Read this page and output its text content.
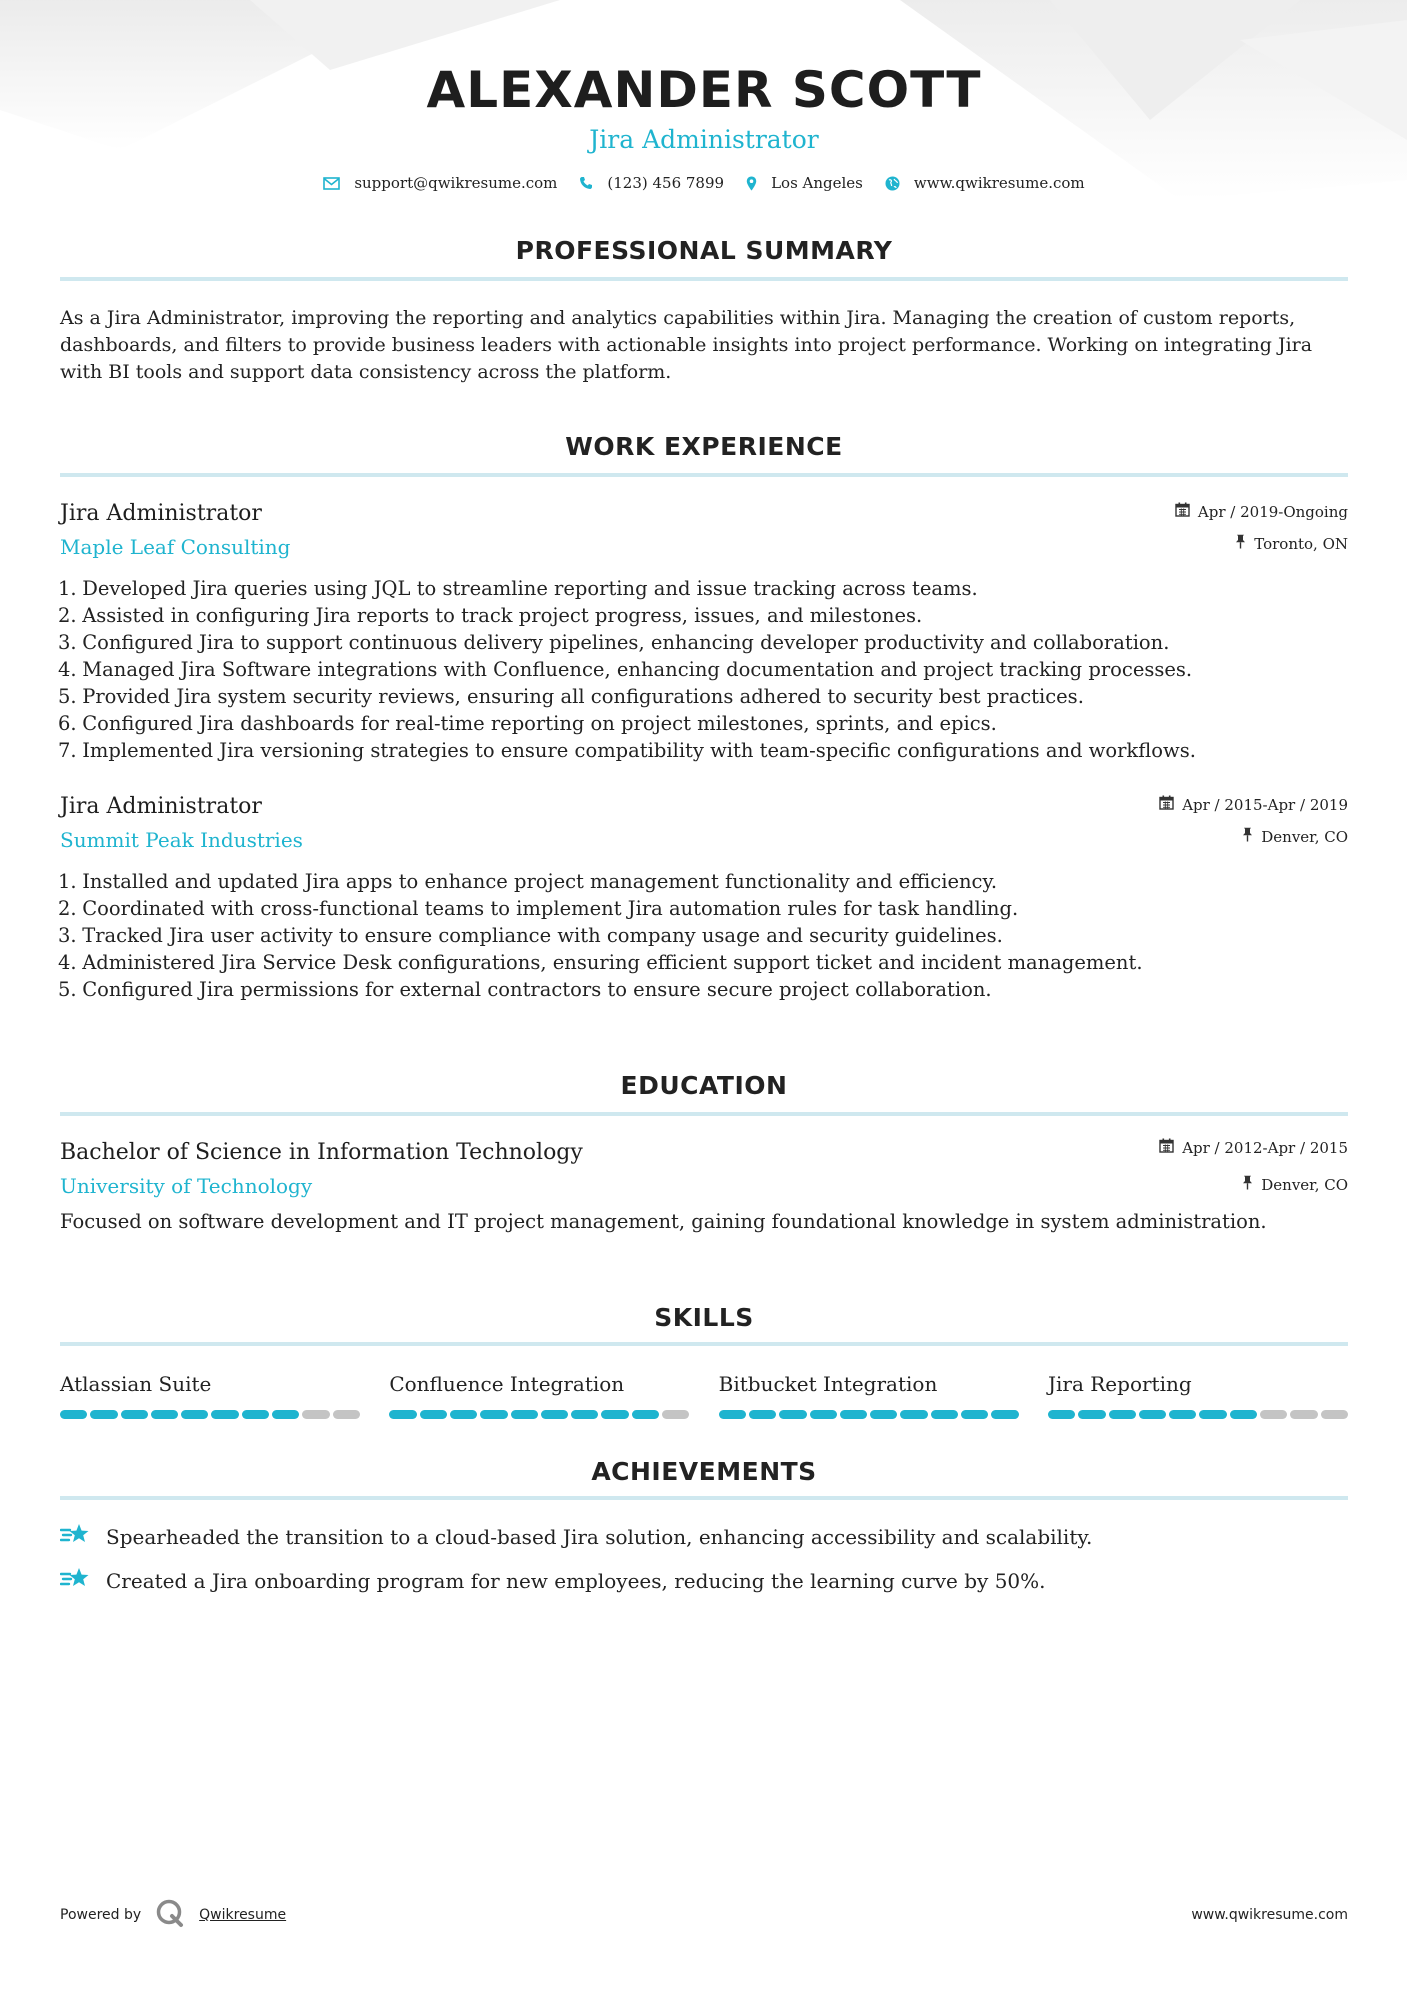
ALEXANDER SCOTT
Jira Administrator
support@qwikresume.com	(123) 456 7899	Los Angeles	www.qwikresume.com
PROFESSIONAL SUMMARY
As a Jira Administrator, improving the reporting and analytics capabilities within Jira. Managing the creation of custom reports,
dashboards, and filters to provide business leaders with actionable insights into project performance. Working on integrating Jira
with BI tools and support data consistency across the platform.
WORK EXPERIENCE
Jira Administrator
Maple Leaf Consulting
Apr / 2019-Ongoing
Toronto, ON
1. Developed Jira queries using JQL to streamline reporting and issue tracking across teams.
2. Assisted in configuring Jira reports to track project progress, issues, and milestones.
3. Configured Jira to support continuous delivery pipelines, enhancing developer productivity and collaboration.
4. Managed Jira Software integrations with Confluence, enhancing documentation and project tracking processes.
5. Provided Jira system security reviews, ensuring all configurations adhered to security best practices.
6. Configured Jira dashboards for real-time reporting on project milestones, sprints, and epics.
7. Implemented Jira versioning strategies to ensure compatibility with team-specific configurations and workflows.
Jira Administrator
Summit Peak Industries
Apr / 2015-Apr / 2019
Denver, CO
1. Installed and updated Jira apps to enhance project management functionality and efficiency.
2. Coordinated with cross-functional teams to implement Jira automation rules for task handling.
3. Tracked Jira user activity to ensure compliance with company usage and security guidelines.
4. Administered Jira Service Desk configurations, ensuring efficient support ticket and incident management.
5. Configured Jira permissions for external contractors to ensure secure project collaboration.
EDUCATION
Bachelor of Science in Information Technology
University of Technology
Apr / 2012-Apr / 2015
Denver, CO
Focused on software development and IT project management, gaining foundational knowledge in system administration.
SKILLS
Atlassian Suite	Confluence Integration	Bitbucket Integration	Jira Reporting
ACHIEVEMENTS
Spearheaded the transition to a cloud-based Jira solution, enhancing accessibility and scalability.
Created a Jira onboarding program for new employees, reducing the learning curve by 50%.
Powered by	Qwikresume	www.qwikresume.com
